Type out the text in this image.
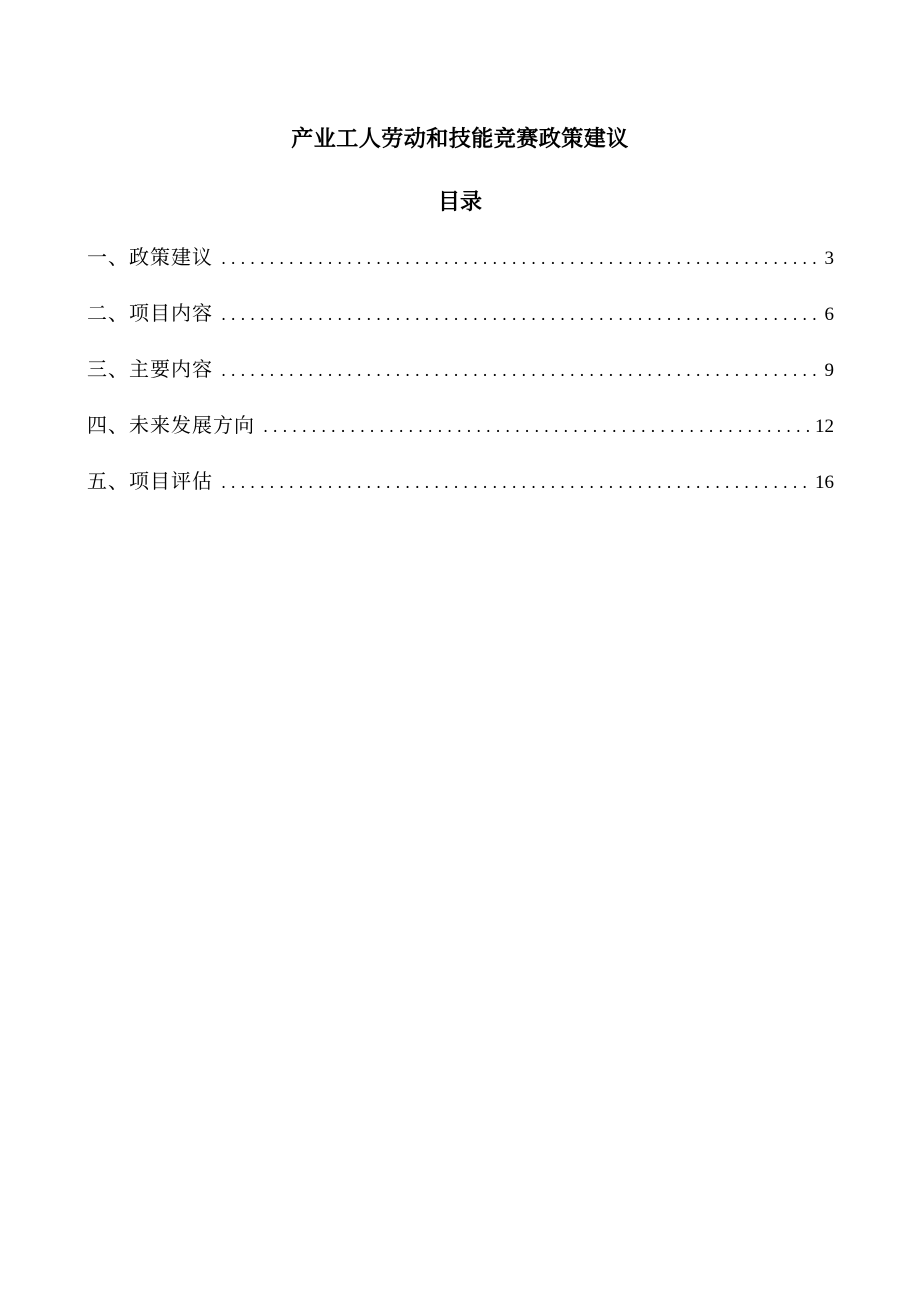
产业工人劳动和技能竞赛政策建议
目录
一、政策建议 .....	3
二、项目内容 .....	6
三、主要内容 .....	9
四、未来发展方向 .....	12
五、项目评估 .....	16
